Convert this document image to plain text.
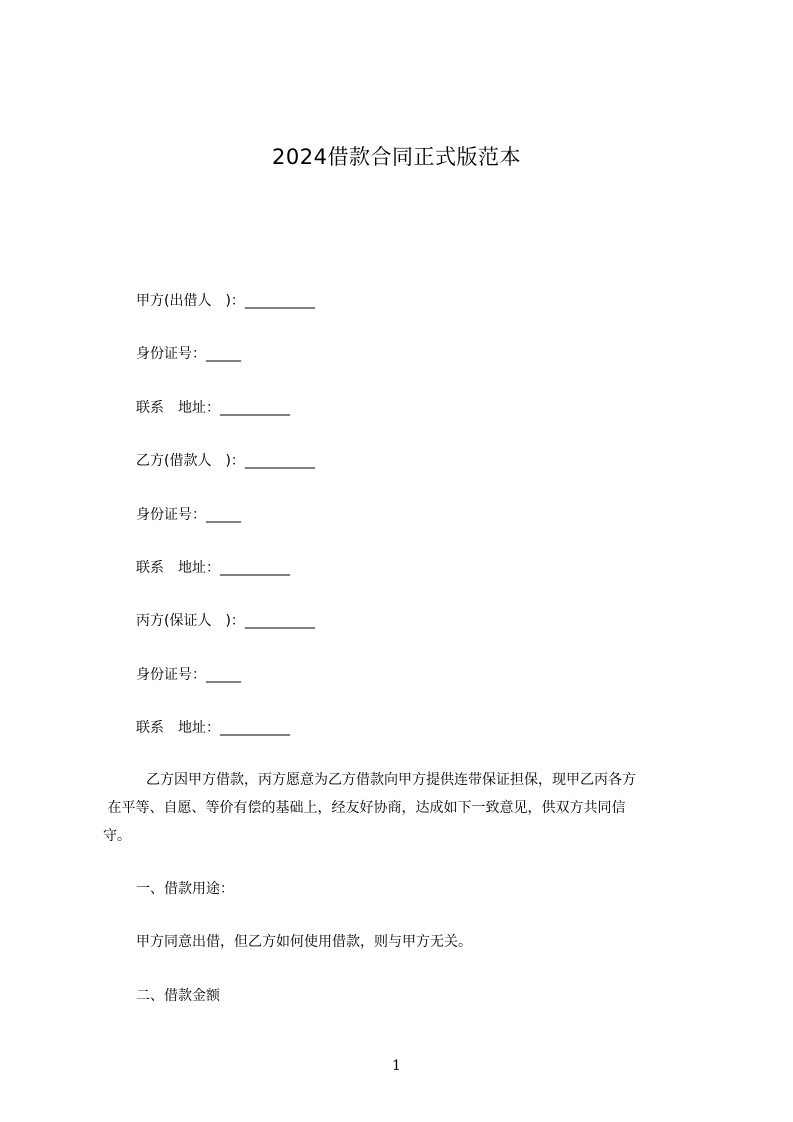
2024借款合同正式版范本
甲方(出借人　)：__________
身份证号：_____
联系　地址：__________
乙方(借款人　)：__________
身份证号：_____
联系　地址：__________
丙方(保证人　)：__________
身份证号：_____
联系　地址：__________
乙方因甲方借款，丙方愿意为乙方借款向甲方提供连带保证担保，现甲乙丙各方
在平等、自愿、等价有偿的基础上，经友好协商，达成如下一致意见，供双方共同信
守。
一、借款用途：
甲方同意出借，但乙方如何使用借款，则与甲方无关。
二、借款金额
1
